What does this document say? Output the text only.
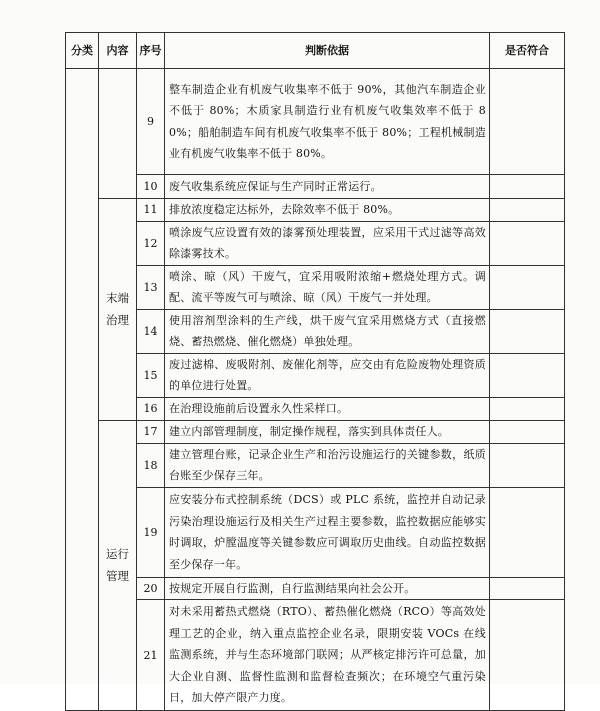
分类	内容	序号	判断依据	是否符合
		9	整车制造企业有机废气收集率不低于 90%，其他汽车制造企业不低于 80%；木质家具制造行业有机废气收集效率不低于 80%；船舶制造车间有机废气收集率不低于 80%；工程机械制造业有机废气收集率不低于 80%。	
		10	废气收集系统应保证与生产同时正常运行。	
	末端治理	11	排放浓度稳定达标外，去除效率不低于 80%。	
		12	喷涂废气应设置有效的漆雾预处理装置，应采用干式过滤等高效除漆雾技术。	
		13	喷涂、晾（风）干废气，宜采用吸附浓缩+燃烧处理方式。调配、流平等废气可与喷涂、晾（风）干废气一并处理。	
		14	使用溶剂型涂料的生产线，烘干废气宜采用燃烧方式（直接燃烧、蓄热燃烧、催化燃烧）单独处理。	
		15	废过滤棉、废吸附剂、废催化剂等，应交由有危险废物处理资质的单位进行处置。	
		16	在治理设施前后设置永久性采样口。	
	运行管理	17	建立内部管理制度，制定操作规程，落实到具体责任人。	
		18	建立管理台账，记录企业生产和治污设施运行的关键参数，纸质台账至少保存三年。	
		19	应安装分布式控制系统（DCS）或 PLC 系统，监控并自动记录污染治理设施运行及相关生产过程主要参数，监控数据应能够实时调取，炉膛温度等关键参数应可调取历史曲线。自动监控数据至少保存一年。	
		20	按规定开展自行监测，自行监测结果向社会公开。	
		21	对未采用蓄热式燃烧（RTO）、蓄热催化燃烧（RCO）等高效处理工艺的企业，纳入重点监控企业名录，限期安装 VOCs 在线监测系统，并与生态环境部门联网；从严核定排污许可总量，加大企业自测、监督性监测和监督检查频次；在环境空气重污染日，加大停产限产力度。	
